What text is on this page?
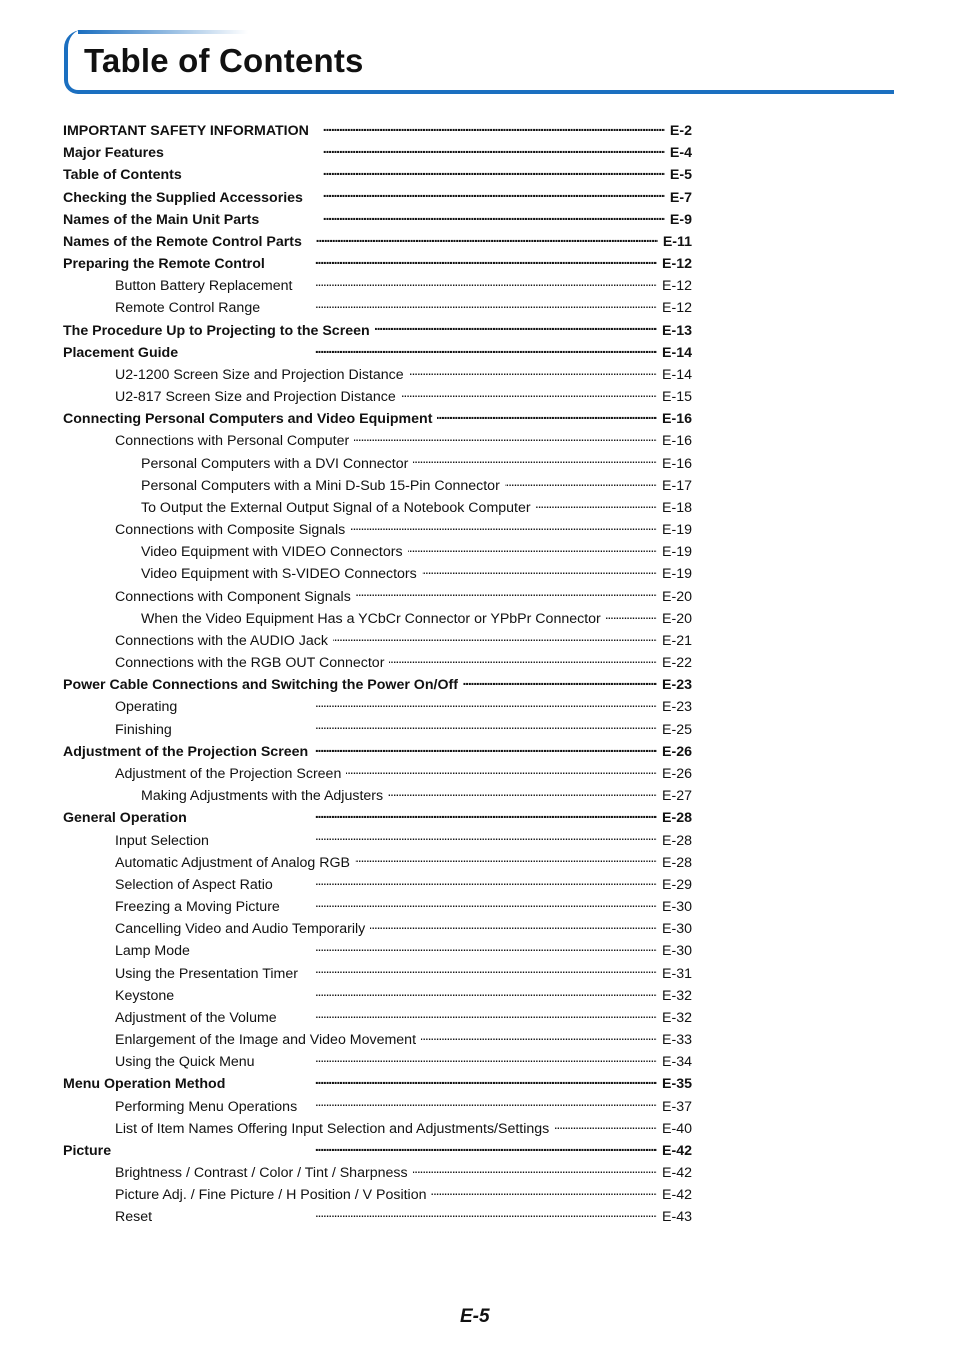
Table of Contents
IMPORTANT SAFETY INFORMATION . . .	E-2
Major Features . . .	E-4
Table of Contents . . .	E-5
Checking the Supplied Accessories . . .	E-7
Names of the Main Unit Parts . . .	E-9
Names of the Remote Control Parts . . .	E-11
Preparing the Remote Control . . .	E-12
Button Battery Replacement . . .	E-12
Remote Control Range . . .	E-12
The Procedure Up to Projecting to the Screen . . .	E-13
Placement Guide . . .	E-14
U2-1200 Screen Size and Projection Distance . . .	E-14
U2-817 Screen Size and Projection Distance . . .	E-15
Connecting Personal Computers and Video Equipment . . .	E-16
Connections with Personal Computer . . .	E-16
Personal Computers with a DVI Connector . . .	E-16
Personal Computers with a Mini D-Sub 15-Pin Connector . . .	E-17
To Output the External Output Signal of a Notebook Computer . . .	E-18
Connections with Composite Signals . . .	E-19
Video Equipment with VIDEO Connectors . . .	E-19
Video Equipment with S-VIDEO Connectors . . .	E-19
Connections with Component Signals . . .	E-20
When the Video Equipment Has a YCbCr Connector or YPbPr Connector . . .	E-20
Connections with the AUDIO Jack . . .	E-21
Connections with the RGB OUT Connector . . .	E-22
Power Cable Connections and Switching the Power On/Off . . .	E-23
Operating . . .	E-23
Finishing . . .	E-25
Adjustment of the Projection Screen . . .	E-26
Adjustment of the Projection Screen . . .	E-26
Making Adjustments with the Adjusters . . .	E-27
General Operation . . .	E-28
Input Selection . . .	E-28
Automatic Adjustment of Analog RGB . . .	E-28
Selection of Aspect Ratio . . .	E-29
Freezing a Moving Picture . . .	E-30
Cancelling Video and Audio Temporarily . . .	E-30
Lamp Mode . . .	E-30
Using the Presentation Timer . . .	E-31
Keystone . . .	E-32
Adjustment of the Volume . . .	E-32
Enlargement of the Image and Video Movement . . .	E-33
Using the Quick Menu . . .	E-34
Menu Operation Method . . .	E-35
Performing Menu Operations . . .	E-37
List of Item Names Offering Input Selection and Adjustments/Settings . . .	E-40
Picture . . .	E-42
Brightness / Contrast / Color / Tint / Sharpness . . .	E-42
Picture Adj. / Fine Picture / H Position / V Position . . .	E-42
Reset . . .	E-43

E-5
